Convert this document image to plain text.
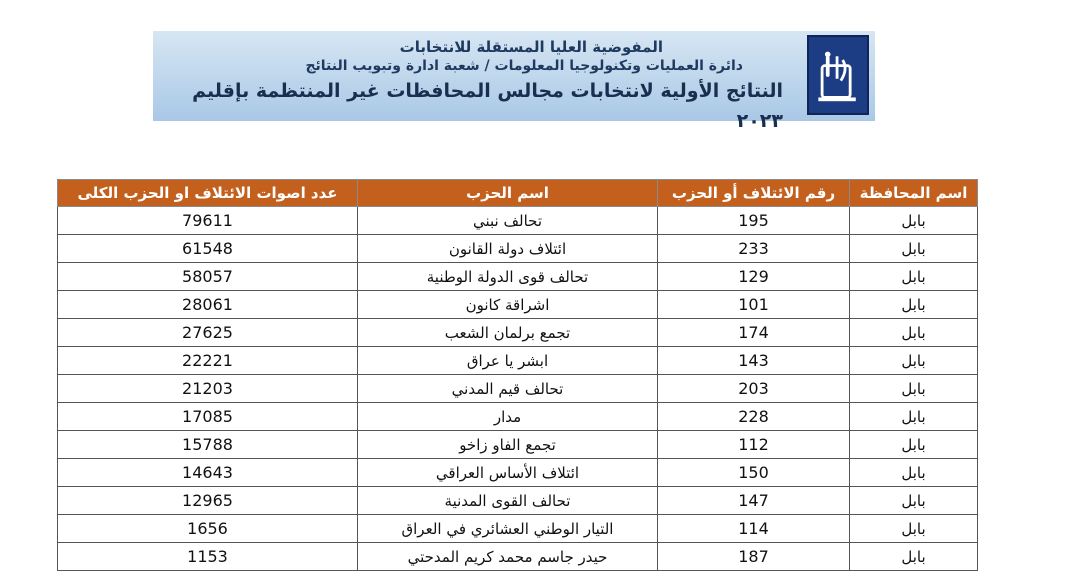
المفوضية العليا المستقلة للانتخابات
دائرة العمليات وتكنولوجيا المعلومات / شعبة ادارة وتبويب النتائج
النتائج الأولية لانتخابات مجالس المحافظات غير المنتظمة بإقليم ٢٠٢٣
اسم المحافظة	رقم الائتلاف أو الحزب	اسم الحزب	عدد اصوات الائتلاف او الحزب الكلى
بابل	195	تحالف نبني	79611
بابل	233	ائتلاف دولة القانون	61548
بابل	129	تحالف قوى الدولة الوطنية	58057
بابل	101	اشراقة كانون	28061
بابل	174	تجمع برلمان الشعب	27625
بابل	143	ابشر يا عراق	22221
بابل	203	تحالف قيم المدني	21203
بابل	228	مدار	17085
بابل	112	تجمع الفاو زاخو	15788
بابل	150	ائتلاف الأساس العراقي	14643
بابل	147	تحالف القوى المدنية	12965
بابل	114	التيار الوطني العشائري في العراق	1656
بابل	187	حيدر جاسم محمد كريم المدحتي	1153
